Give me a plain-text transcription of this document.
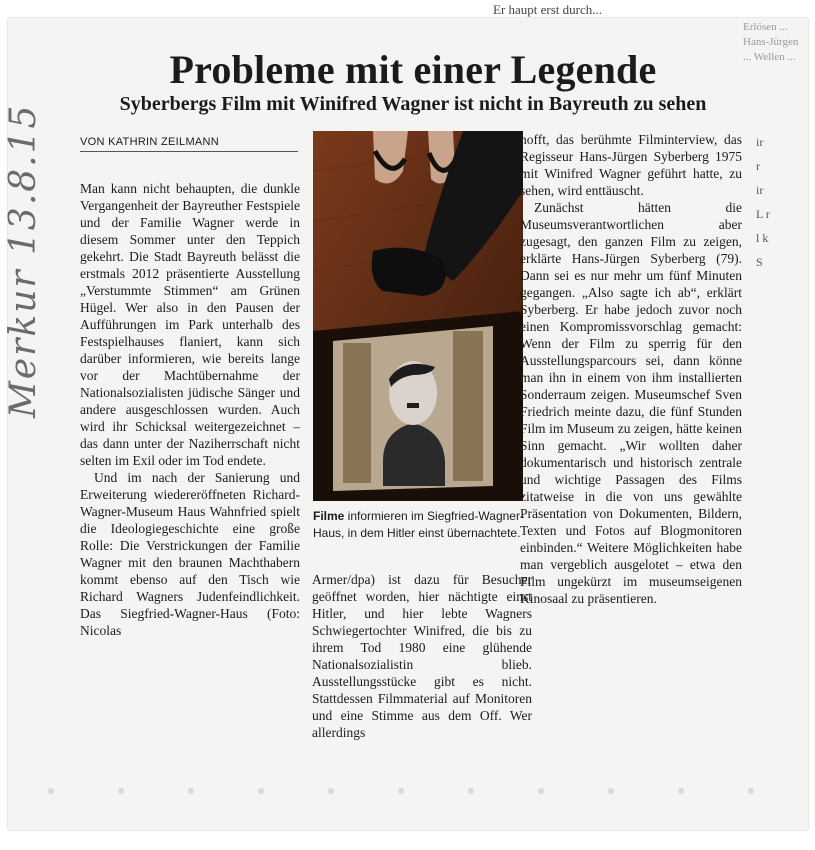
Er haupt erst durch...
Erlösen ... Hans-Jürgen ... Wellen ...
ir r ir L r l k S
Probleme mit einer Legende
Syberbergs Film mit Winifred Wagner ist nicht in Bayreuth zu sehen
VON KATHRIN ZEILMANN
Merkur 13.8.15	Man kann nicht behaupten, die dunkle Vergangenheit der Bayreuther Festspiele und der Familie Wagner werde in diesem Sommer unter den Teppich gekehrt. Die Stadt Bayreuth belässt die erstmals 2012 präsentierte Ausstellung „Verstummte Stimmen“ am Grünen Hügel. Wer also in den Pausen der Aufführungen im Park unterhalb des Festspielhauses flaniert, kann sich darüber informieren, wie bereits lange vor der Machtübernahme der Nationalsozialisten jüdische Sänger und andere ausgeschlossen wurden. Auch wird ihr Schicksal weitergezeichnet – das dann unter der Naziherrschaft nicht selten im Exil oder im Tod endete.

Und im nach der Sanierung und Erweiterung wiedereröffneten Richard-Wagner-Museum Haus Wahnfried spielt die Ideologiegeschichte eine große Rolle: Die Verstrickungen der Familie Wagner mit den braunen Machthabern kommt ebenso auf den Tisch wie Richard Wagners Judenfeindlichkeit. Das Siegfried-Wagner-Haus (Foto: Nicolas

Filme informieren im Siegfried-Wagner-Haus, in dem Hitler einst übernachtete.

Armer/dpa) ist dazu für Besucher geöffnet worden, hier nächtigte einst Hitler, und hier lebte Wagners Schwiegertochter Winifred, die bis zu ihrem Tod 1980 eine glühende Nationalsozialistin blieb. Ausstellungsstücke gibt es nicht. Stattdessen Filmmaterial auf Monitoren und eine Stimme aus dem Off. Wer allerdings

hofft, das berühmte Filminterview, das Regisseur Hans-Jürgen Syberberg 1975 mit Winifred Wagner geführt hatte, zu sehen, wird enttäuscht.

Zunächst hätten die Museumsverantwortlichen aber zugesagt, den ganzen Film zu zeigen, erklärte Hans-Jürgen Syberberg (79). Dann sei es nur mehr um fünf Minuten gegangen. „Also sagte ich ab“, erklärt Syberberg. Er habe jedoch zuvor noch einen Kompromissvorschlag gemacht: Wenn der Film zu sperrig für den Ausstellungsparcours sei, dann könne man ihn in einem von ihm installierten Sonderraum zeigen. Museumschef Sven Friedrich meinte dazu, die fünf Stunden Film im Museum zu zeigen, hätte keinen Sinn gemacht. „Wir wollten daher dokumentarisch und historisch zentrale und wichtige Passagen des Films zitatweise in die von uns gewählte Präsentation von Dokumenten, Bildern, Texten und Fotos auf Blogmonitoren einbinden.“ Weitere Möglichkeiten habe man vergeblich ausgelotet – etwa den Film ungekürzt im museumseigenen Kinosaal zu präsentieren.
